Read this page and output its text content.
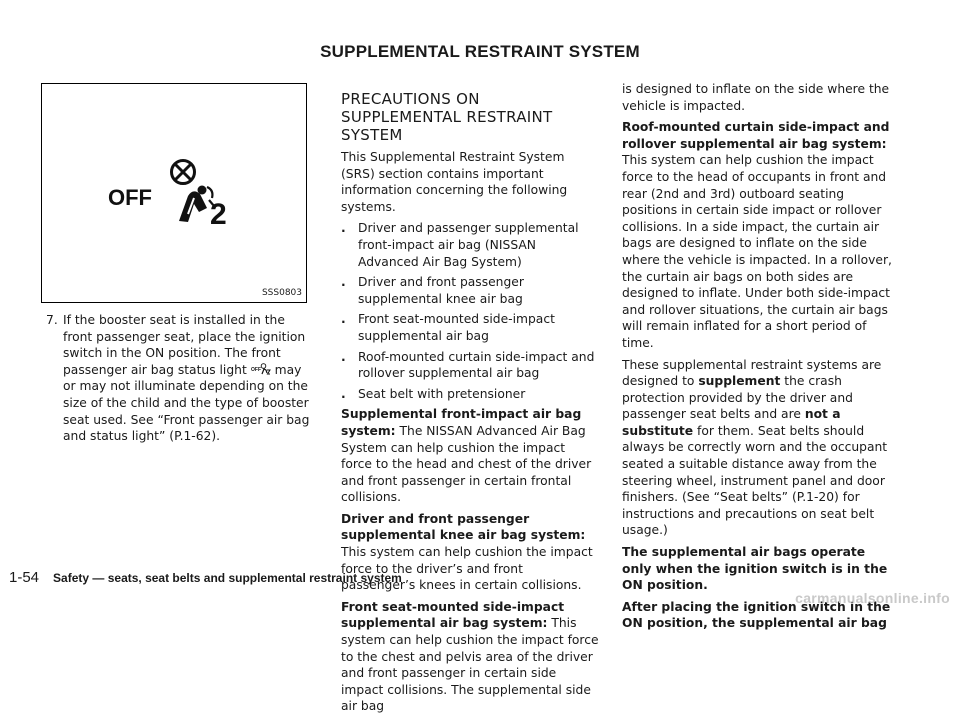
SUPPLEMENTAL RESTRAINT SYSTEM
OFF
2
SSS0803
7. If the booster seat is installed in the front passenger seat, place the ignition switch in the ON position. The front passenger air bag status light OFF may or may not illuminate depending on the size of the child and the type of booster seat used. See “Front passenger air bag and status light” (P.1-62).
PRECAUTIONS ON SUPPLEMENTAL RESTRAINT SYSTEM

This Supplemental Restraint System (SRS) section contains important information concerning the following systems.

. Driver and passenger supplemental front-impact air bag (NISSAN Advanced Air Bag System)
. Driver and front passenger supplemental knee air bag
. Front seat-mounted side-impact supplemental air bag
. Roof-mounted curtain side-impact and rollover supplemental air bag
. Seat belt with pretensioner

Supplemental front-impact air bag system: The NISSAN Advanced Air Bag System can help cushion the impact force to the head and chest of the driver and front passenger in certain frontal collisions.

Driver and front passenger supplemental knee air bag system: This system can help cushion the impact force to the driver’s and front passenger’s knees in certain collisions.

Front seat-mounted side-impact supplemental air bag system: This system can help cushion the impact force to the chest and pelvis area of the driver and front passenger in certain side impact collisions. The supplemental side air bag

is designed to inflate on the side where the vehicle is impacted.

Roof-mounted curtain side-impact and rollover supplemental air bag system: This system can help cushion the impact force to the head of occupants in front and rear (2nd and 3rd) outboard seating positions in certain side impact or rollover collisions. In a side impact, the curtain air bags are designed to inflate on the side where the vehicle is impacted. In a rollover, the curtain air bags on both sides are designed to inflate. Under both side-impact and rollover situations, the curtain air bags will remain inflated for a short period of time.

These supplemental restraint systems are designed to supplement the crash protection provided by the driver and passenger seat belts and are not a substitute for them. Seat belts should always be correctly worn and the occupant seated a suitable distance away from the steering wheel, instrument panel and door finishers. (See “Seat belts” (P.1-20) for instructions and precautions on seat belt usage.)

The supplemental air bags operate only when the ignition switch is in the ON position.

After placing the ignition switch in the ON position, the supplemental air bag

1-54 Safety — seats, seat belts and supplemental restraint system
carmanualsonline.info
